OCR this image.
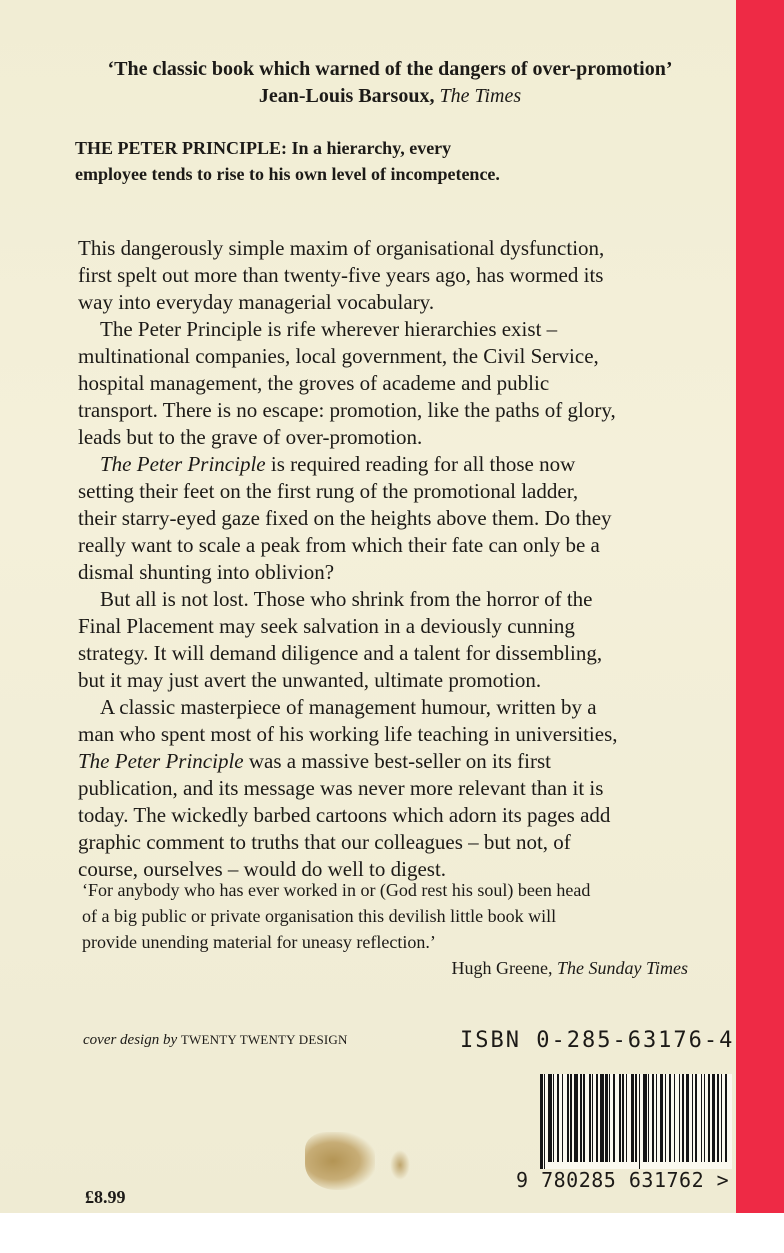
‘The classic book which warned of the dangers of over-promotion’
Jean-Louis Barsoux, The Times
THE PETER PRINCIPLE: In a hierarchy, every
employee tends to rise to his own level of incompetence.
This dangerously simple maxim of organisational dysfunction,
first spelt out more than twenty-five years ago, has wormed its
way into everyday managerial vocabulary.
The Peter Principle is rife wherever hierarchies exist –
multinational companies, local government, the Civil Service,
hospital management, the groves of academe and public
transport. There is no escape: promotion, like the paths of glory,
leads but to the grave of over-promotion.
The Peter Principle is required reading for all those now
setting their feet on the first rung of the promotional ladder,
their starry-eyed gaze fixed on the heights above them. Do they
really want to scale a peak from which their fate can only be a
dismal shunting into oblivion?
But all is not lost. Those who shrink from the horror of the
Final Placement may seek salvation in a deviously cunning
strategy. It will demand diligence and a talent for dissembling,
but it may just avert the unwanted, ultimate promotion.
A classic masterpiece of management humour, written by a
man who spent most of his working life teaching in universities,
The Peter Principle was a massive best-seller on its first
publication, and its message was never more relevant than it is
today. The wickedly barbed cartoons which adorn its pages add
graphic comment to truths that our colleagues – but not, of
course, ourselves – would do well to digest.
‘For anybody who has ever worked in or (God rest his soul) been head
of a big public or private organisation this devilish little book will
provide unending material for uneasy reflection.’
Hugh Greene, The Sunday Times
cover design by TWENTY TWENTY DESIGN	ISBN 0-285-63176-4
9 780285 631762 >
£8.99
